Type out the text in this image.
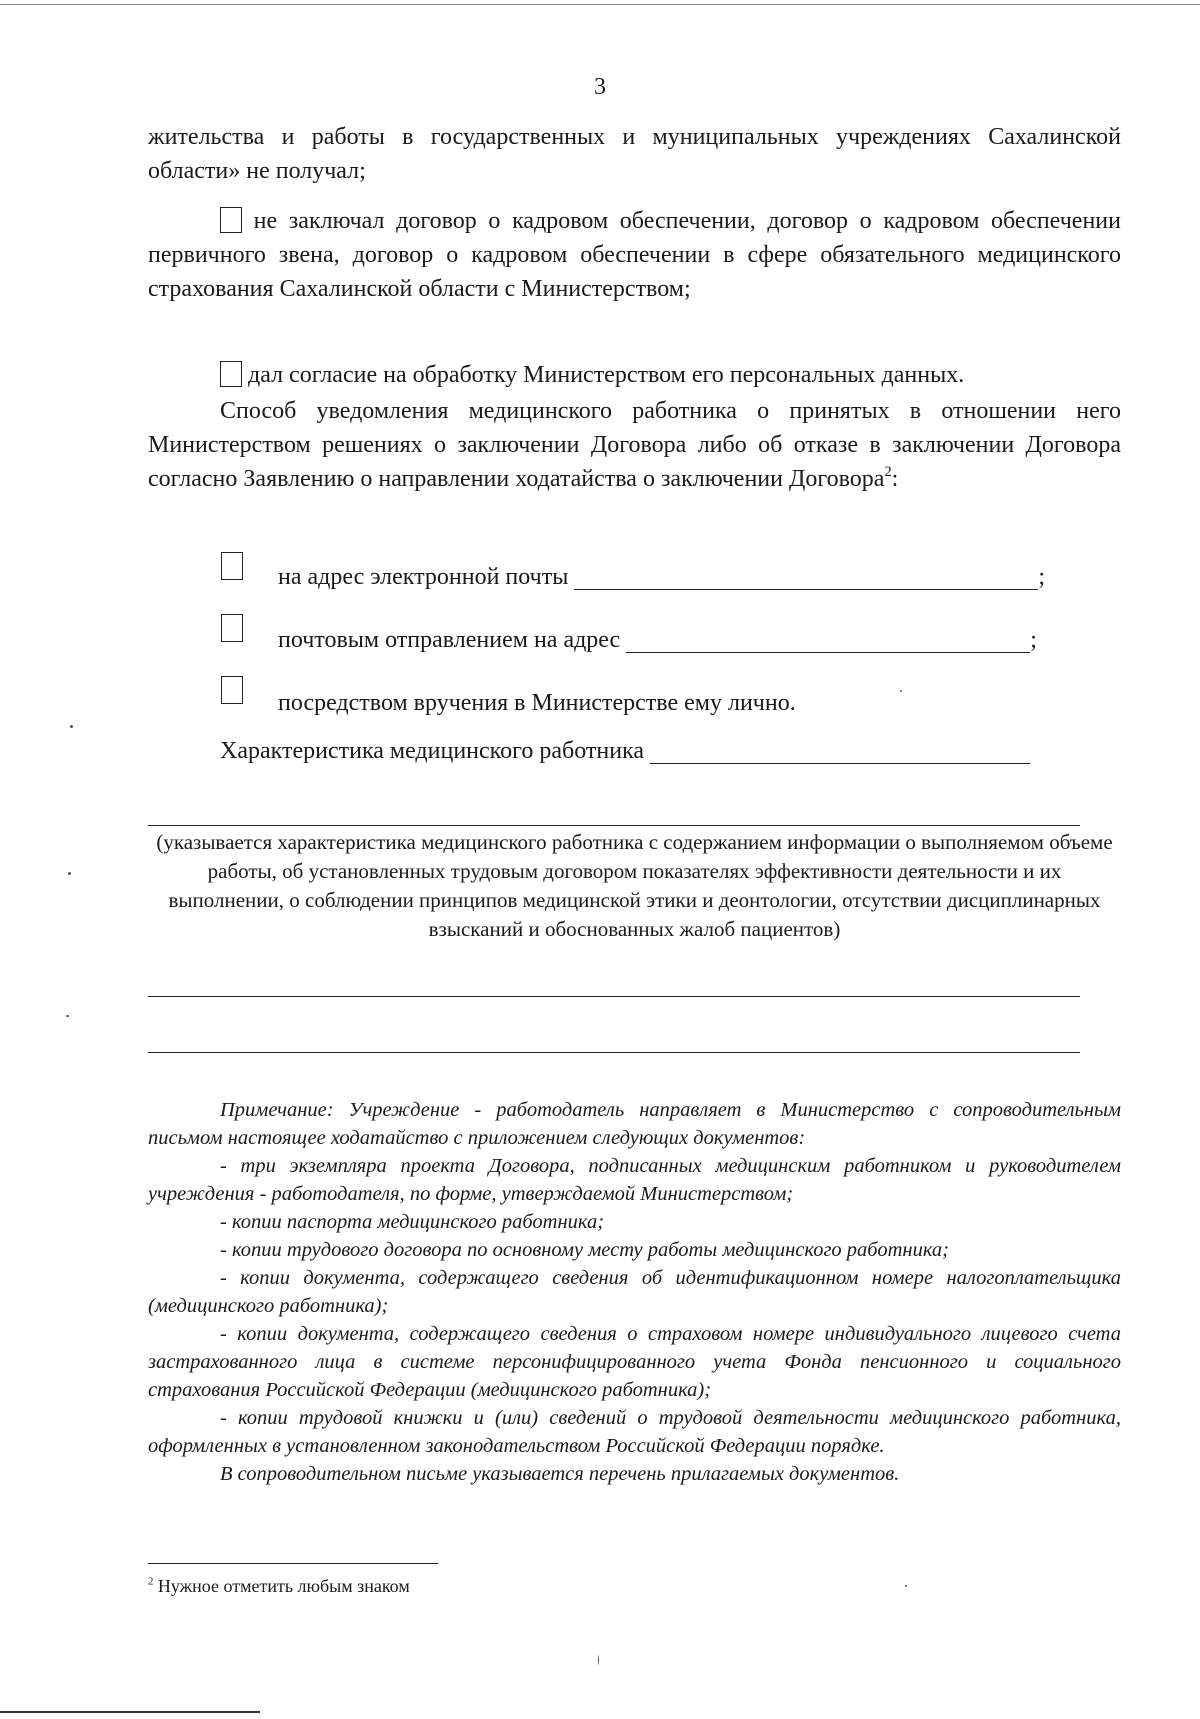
3
жительства и работы в государственных и муниципальных учреждениях Сахалинской области» не получал;
не заключал договор о кадровом обеспечении, договор о кадровом обеспечении первичного звена, договор о кадровом обеспечении в сфере обязательного медицинского страхования Сахалинской области с Министерством;
дал согласие на обработку Министерством его персональных данных.
Способ уведомления медицинского работника о принятых в отношении него Министерством решениях о заключении Договора либо об отказе в заключении Договора согласно Заявлению о направлении ходатайства о заключении Договора$^2$:
на адрес электронной почты	;
почтовым отправлением на адрес	;
посредством вручения в Министерстве ему лично.
Характеристика медицинского работника
(указывается характеристика медицинского работника с содержанием информации о выполняемом объеме работы, об установленных трудовым договором показателях эффективности деятельности и их выполнении, о соблюдении принципов медицинской этики и деонтологии, отсутствии дисциплинарных взысканий и обоснованных жалоб пациентов)

Примечание: Учреждение - работодатель направляет в Министерство с сопроводительным письмом настоящее ходатайство с приложением следующих документов:

- три экземпляра проекта Договора, подписанных медицинским работником и руководителем учреждения - работодателя, по форме, утверждаемой Министерством;

- копии паспорта медицинского работника;

- копии трудового договора по основному месту работы медицинского работника;

- копии документа, содержащего сведения об идентификационном номере налогоплательщика (медицинского работника);

- копии документа, содержащего сведения о страховом номере индивидуального лицевого счета застрахованного лица в системе персонифицированного учета Фонда пенсионного и социального страхования Российской Федерации (медицинского работника);

- копии трудовой книжки и (или) сведений о трудовой деятельности медицинского работника, оформленных в установленном законодательством Российской Федерации порядке.

В сопроводительном письме указывается перечень прилагаемых документов.

$^2$ Нужное отметить любым знаком
